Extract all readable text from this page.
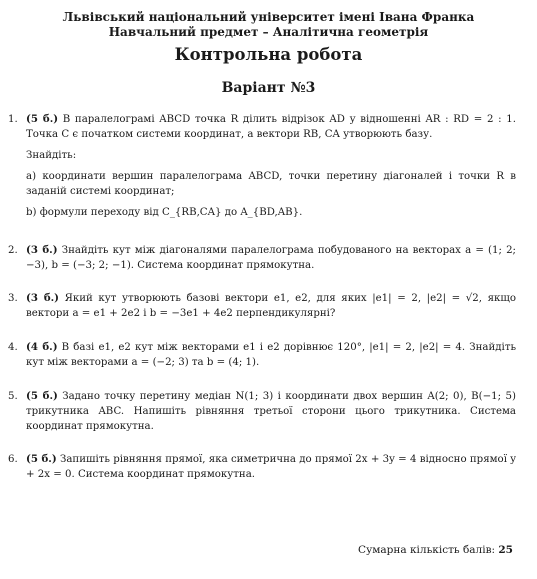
Львівський національний університет імені Івана Франка
Навчальний предмет – Аналітична геометрія
Контрольна робота
Варіант №3
1. (5 б.) В паралелограмі ABCD точка R ділить відрізок AD у відношенні AR : RD = 2 : 1. Точка C є початком системи координат, а вектори RB, CA утворюють базу.

Знайдіть:

a) координати вершин паралелограма ABCD, точки перетину діагоналей і точки R в заданій системі координат;

b) формули переходу від C_{RB,CA} до A_{BD,AB}.

2. (3 б.) Знайдіть кут між діагоналями паралелограма побудованого на векторах a = (1; 2; −3), b = (−3; 2; −1). Система координат прямокутна.

3. (3 б.) Який кут утворюють базові вектори e1, e2, для яких |e1| = 2, |e2| = √2, якщо вектори a = e1 + 2e2 і b = −3e1 + 4e2 перпендикулярні?

4. (4 б.) В базі e1, e2 кут між векторами e1 і e2 дорівнює 120°, |e1| = 2, |e2| = 4. Знайдіть кут між векторами a = (−2; 3) та b = (4; 1).

5. (5 б.) Задано точку перетину медіан N(1; 3) і координати двох вершин A(2; 0), B(−1; 5) трикутника ABC. Напишіть рівняння третьої сторони цього трикутника. Система координат прямокутна.

6. (5 б.) Запишіть рівняння прямої, яка симетрична до прямої 2x + 3y = 4 відносно прямої y + 2x = 0. Система координат прямокутна.

Сумарна кількість балів: 25
